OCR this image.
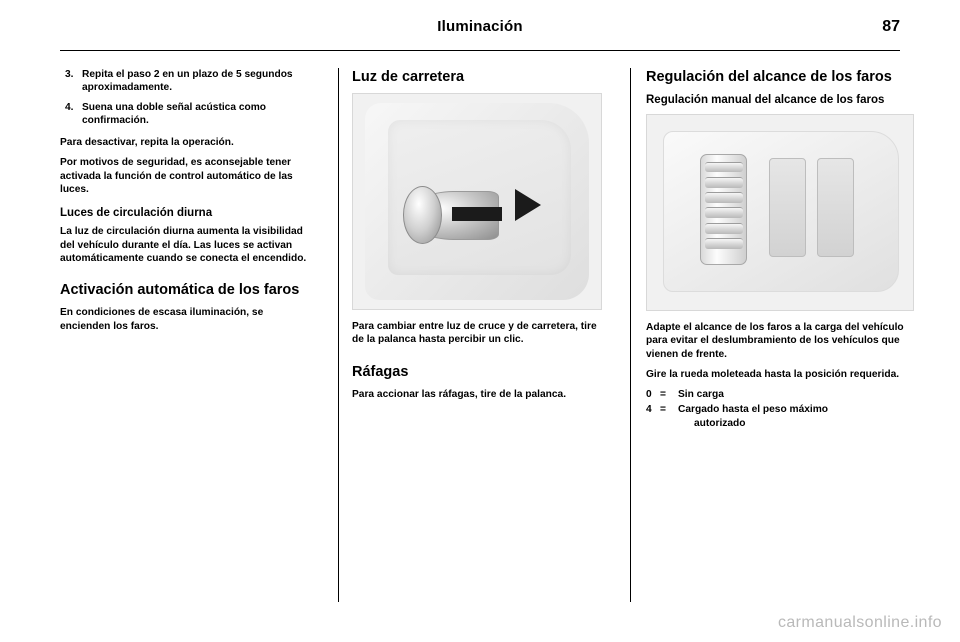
Iluminación	87
3. Repita el paso 2 en un plazo de 5 segundos aproximadamente.
4. Suena una doble señal acústica como confirmación.

Para desactivar, repita la operación.

Por motivos de seguridad, es aconsejable tener activada la función de control automático de las luces.

Luces de circulación diurna

La luz de circulación diurna aumenta la visibilidad del vehículo durante el día. Las luces se activan automáticamente cuando se conecta el encendido.

Activación automática de los faros

En condiciones de escasa iluminación, se encienden los faros.

Luz de carretera

Para cambiar entre luz de cruce y de carretera, tire de la palanca hasta percibir un clic.

Ráfagas

Para accionar las ráfagas, tire de la palanca.

Regulación del alcance de los faros
Regulación manual del alcance de los faros

Adapte el alcance de los faros a la carga del vehículo para evitar el deslumbramiento de los vehículos que vienen de frente.

Gire la rueda moleteada hasta la posición requerida.

0 =	Sin carga
4 =	Cargado hasta el peso máximo
autorizado
carmanualsonline.info
